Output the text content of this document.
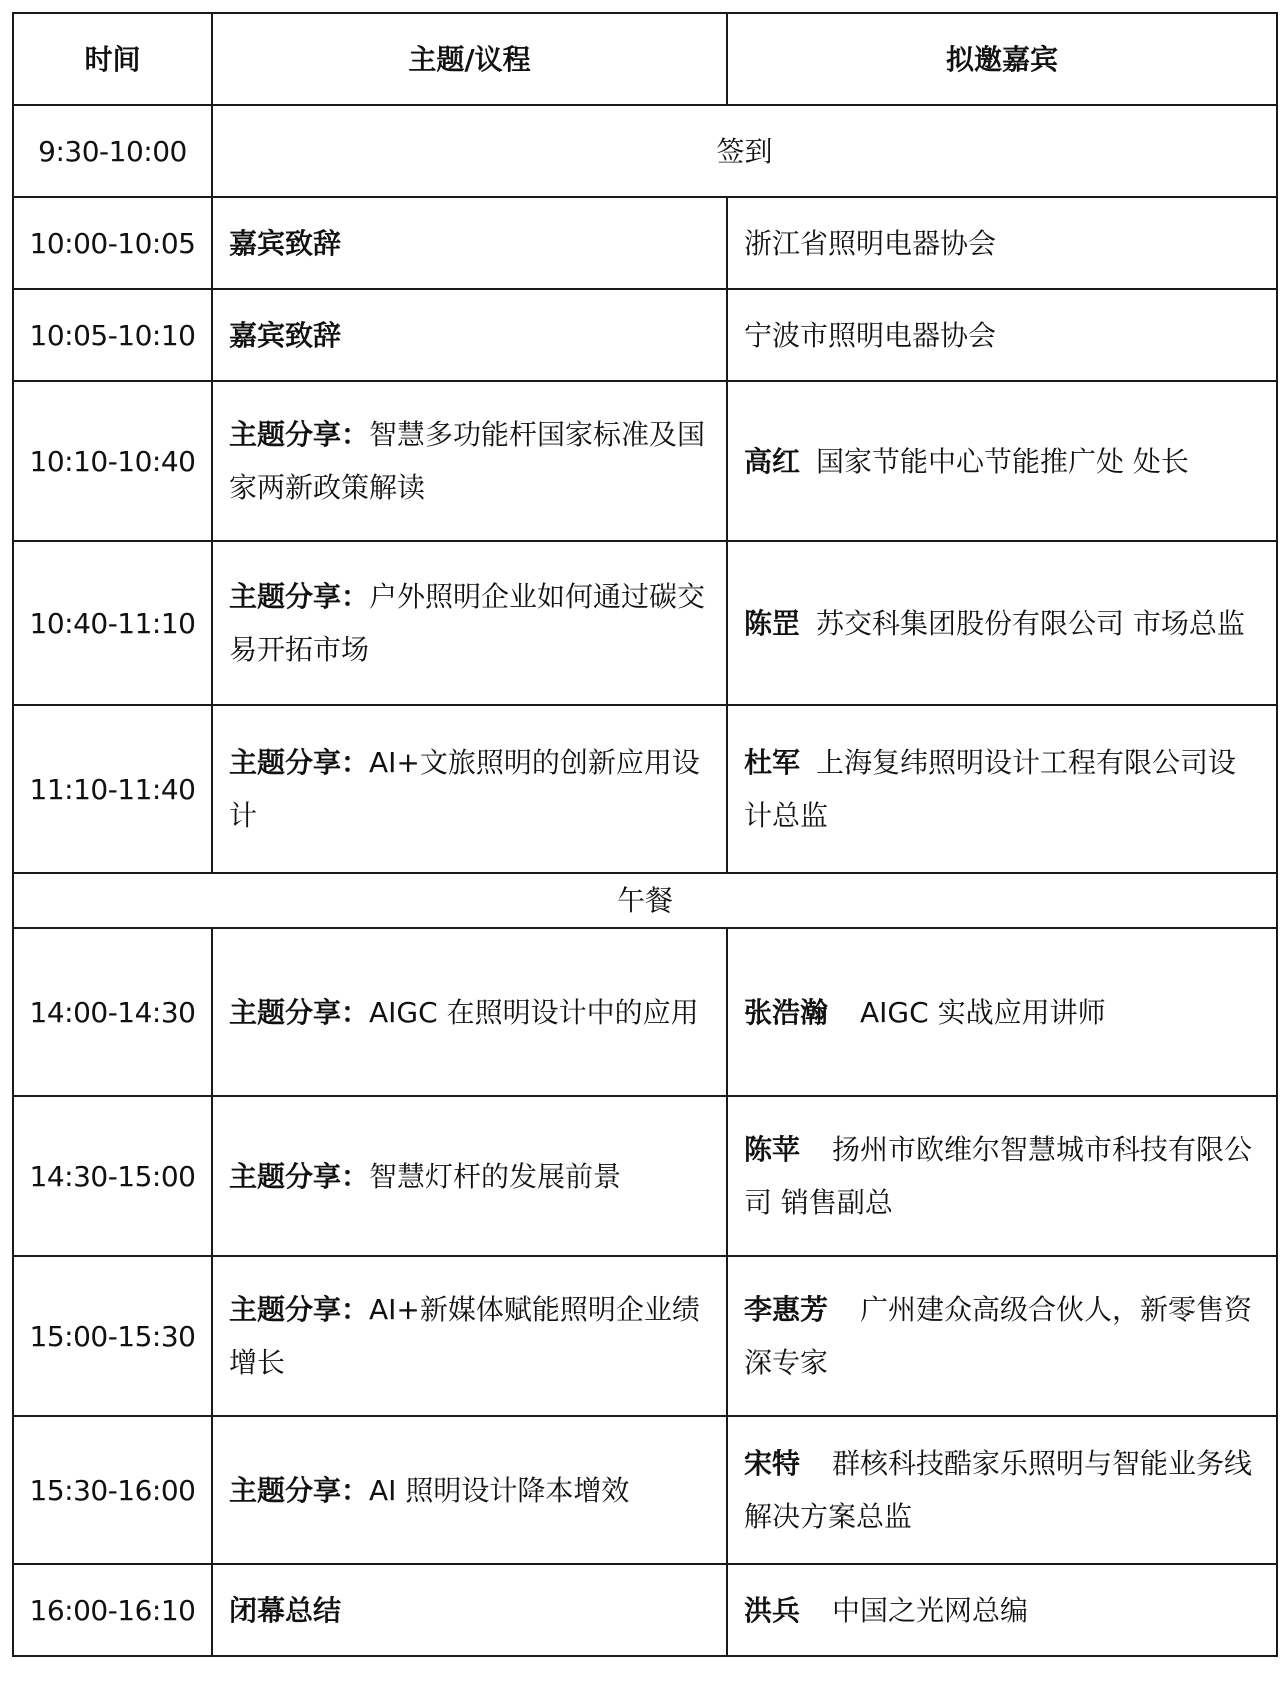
时间	主题/议程	拟邀嘉宾
9:30-10:00	签到	
10:00-10:05	嘉宾致辞	浙江省照明电器协会
10:05-10:10	嘉宾致辞	宁波市照明电器协会
10:10-10:40	主题分享：智慧多功能杆国家标准及国家两新政策解读	高红 国家节能中心节能推广处 处长
10:40-11:10	主题分享：户外照明企业如何通过碳交易开拓市场	陈罡 苏交科集团股份有限公司 市场总监
11:10-11:40	主题分享：AI+文旅照明的创新应用设计	杜军 上海复纬照明设计工程有限公司设计总监
午餐		
14:00-14:30	主题分享：AIGC 在照明设计中的应用	张浩瀚 AIGC 实战应用讲师
14:30-15:00	主题分享：智慧灯杆的发展前景	陈苹 扬州市欧维尔智慧城市科技有限公司 销售副总
15:00-15:30	主题分享：AI+新媒体赋能照明企业绩增长	李惠芳 广州建众高级合伙人，新零售资深专家
15:30-16:00	主题分享：AI 照明设计降本增效	宋特 群核科技酷家乐照明与智能业务线解决方案总监
16:00-16:10	闭幕总结	洪兵 中国之光网总编
